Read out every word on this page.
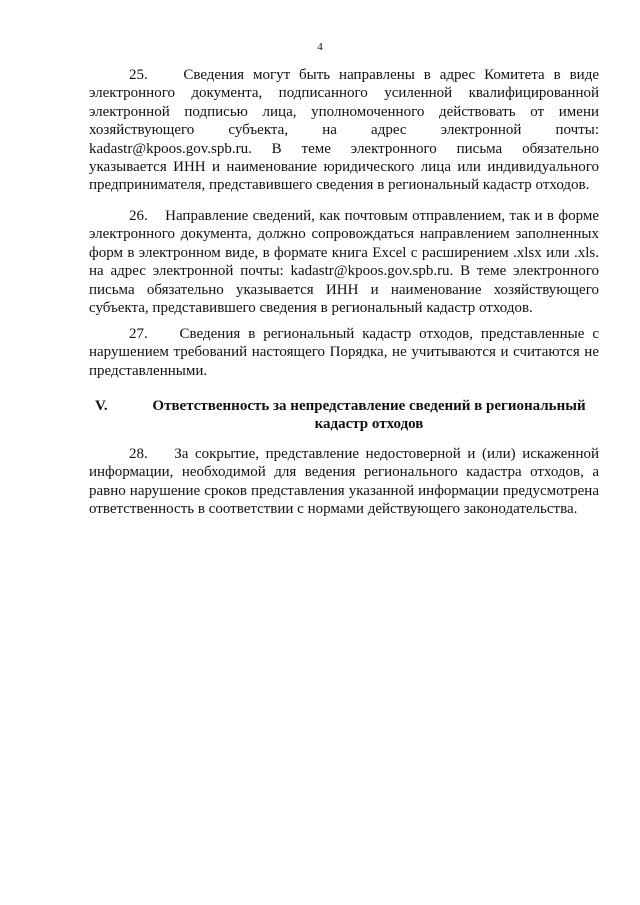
4

25. Сведения могут быть направлены в адрес Комитета в виде электронного документа, подписанного усиленной квалифицированной электронной подписью лица, уполномоченного действовать от имени хозяйствующего субъекта, на адрес электронной почты: kadastr@kpoos.gov.spb.ru. В теме электронного письма обязательно указывается ИНН и наименование юридического лица или индивидуального предпринимателя, представившего сведения в региональный кадастр отходов.

26. Направление сведений, как почтовым отправлением, так и в форме электронного документа, должно сопровождаться направлением заполненных форм в электронном виде, в формате книга Excel с расширением .xlsx или .xls. на адрес электронной почты: kadastr@kpoos.gov.spb.ru. В теме электронного письма обязательно указывается ИНН и наименование хозяйствующего субъекта, представившего сведения в региональный кадастр отходов.

27. Сведения в региональный кадастр отходов, представленные с нарушением требований настоящего Порядка, не учитываются и считаются не представленными.

V.	Ответственность за непредставление сведений в региональный кадастр отходов

28. За сокрытие, представление недостоверной и (или) искаженной информации, необходимой для ведения регионального кадастра отходов, а равно нарушение сроков представления указанной информации предусмотрена ответственность в соответствии с нормами действующего законодательства.
